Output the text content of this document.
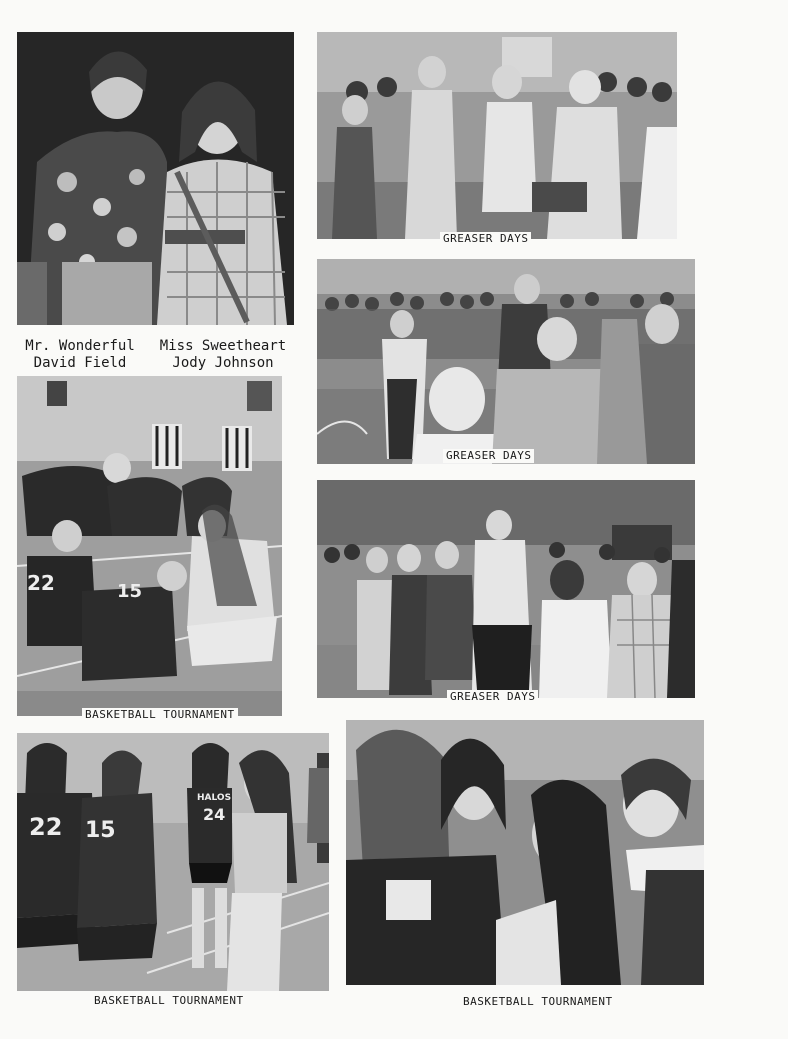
Mr. Wonderful
David Field
Miss Sweetheart
Jody Johnson
GREASER DAYS
GREASER DAYS
22	15
BASKETBALL TOURNAMENT
GREASER DAYS
22 15
HALOS
24
BASKETBALL TOURNAMENT	BASKETBALL TOURNAMENT
